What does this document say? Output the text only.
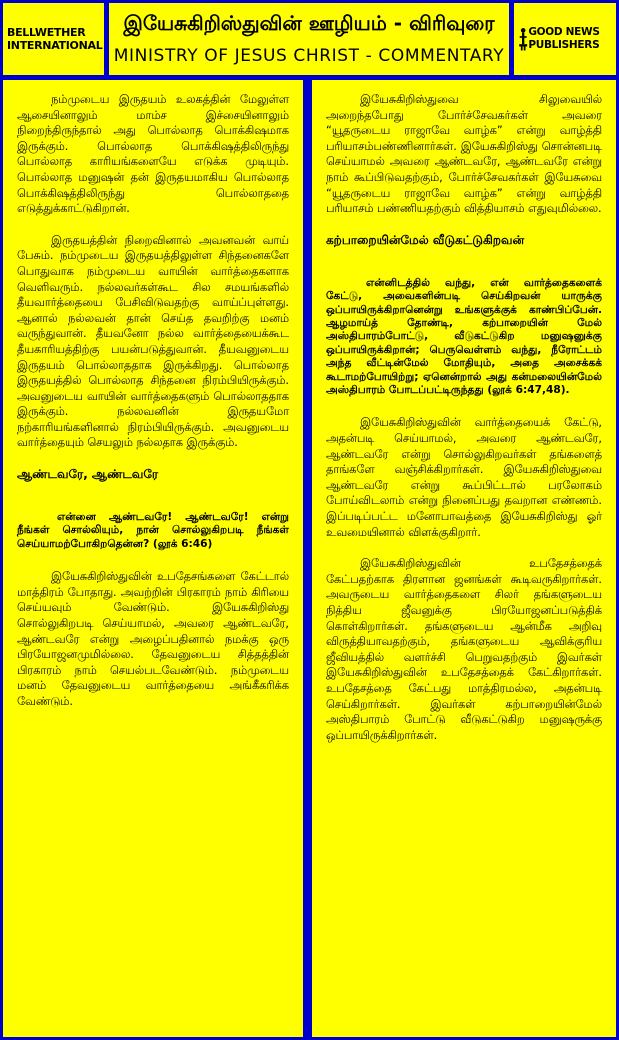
BELLWETHER INTERNATIONAL
இயேசுகிறிஸ்துவின் ஊழியம் - விரிவுரை
MINISTRY OF JESUS CHRIST - COMMENTARY
GOOD NEWS PUBLISHERS

நம்முடைய இருதயம் உலகத்தின் மேலுள்ள ஆசையினாலும் மாம்ச இச்சையினாலும் நிறைந்திருந்தால் அது பொல்லாத பொக்கிஷமாக இருக்கும். பொல்லாத பொக்கிஷத்திலிருந்து பொல்லாத காரியங்களையே எடுக்க முடியும். பொல்லாத மனுஷன் தன் இருதயமாகிய பொல்லாத பொக்கிஷத்திலிருந்து பொல்லாததை எடுத்துக்காட்டுகிறான்.

இருதயத்தின் நிறைவினால் அவனவன் வாய் பேசும். நம்முடைய இருதயத்திலுள்ள சிந்தனைகளே பொதுவாக நம்முடைய வாயின் வார்த்தைகளாக வெளிவரும். நல்லவர்கள்கூட சில சமயங்களில் தீயவார்த்தையை பேசிவிடுவதற்கு வாய்ப்புள்ளது. ஆனால் நல்லவன் தான் செய்த தவறிற்கு மனம் வருந்துவான். தீயவனோ நல்ல வார்த்தையைக்கூட தீயகாரியத்திற்கு பயன்படுத்துவான். தீயவனுடைய இருதயம் பொல்லாததாக இருக்கிறது. பொல்லாத இருதயத்தில் பொல்லாத சிந்தனை நிரம்பியிருக்கும். அவனுடைய வாயின் வார்த்தைகளும் பொல்லாததாக இருக்கும். நல்லவனின் இருதயமோ நற்காரியங்களினால் நிரம்பியிருக்கும். அவனுடைய வார்த்தையும் செயலும் நல்லதாக இருக்கும்.

ஆண்டவரே, ஆண்டவரே

என்னை ஆண்டவரே! ஆண்டவரே! என்று நீங்கள் சொல்லியும், நான் சொல்லுகிறபடி நீங்கள் செய்யாமற்போகிறதென்ன? (லூக் 6:46)

இயேசுகிறிஸ்துவின் உபதேசங்களை கேட்டால் மாத்திரம் போதாது. அவற்றின் பிரகாரம் நாம் கிரியை செய்யவும் வேண்டும். இயேசுகிறிஸ்து சொல்லுகிறபடி செய்யாமல், அவரை ஆண்டவரே, ஆண்டவரே என்று அழைப்பதினால் நமக்கு ஒரு பிரயோஜனமுமில்லை. தேவனுடைய சித்தத்தின் பிரகாரம் நாம் செயல்படவேண்டும். நம்முடைய மனம் தேவனுடைய வார்த்தையை அங்கீகரிக்க வேண்டும்.

இயேசுகிறிஸ்துவை சிலுவையில் அறைந்தபோது போர்ச்சேவகர்கள் அவரை “யூதருடைய ராஜாவே வாழ்க” என்று வாழ்த்தி பரியாசம்பண்ணினார்கள். இயேசுகிறிஸ்து சொன்னபடி செய்யாமல் அவரை ஆண்டவரே, ஆண்டவரே என்று நாம் கூப்பிடுவதற்கும், போர்ச்சேவகர்கள் இயேசுவை “யூதருடைய ராஜாவே வாழ்க” என்று வாழ்த்தி பரியாசம் பண்ணியதற்கும் வித்தியாசம் எதுவுமில்லை.

கற்பாறையின்மேல் வீடுகட்டுகிறவன்

என்னிடத்தில் வந்து, என் வார்த்தைகளைக் கேட்டு, அவைகளின்படி செய்கிறவன் யாருக்கு ஒப்பாயிருக்கிறானென்று உங்களுக்குக் காண்பிப்பேன். ஆழமாய்த் தோண்டி, கற்பாறையின் மேல் அஸ்திபாரம்போட்டு, வீடுகட்டுகிற மனுஷனுக்கு ஒப்பாயிருக்கிறான்; பெருவெள்ளம் வந்து, நீரோட்டம் அந்த வீட்டின்மேல் மோதியும், அதை அசைக்கக் கூடாமற்போயிற்று; ஏனென்றால் அது கன்மலையின்மேல் அஸ்திபாரம் போடப்பட்டிருந்தது (லூக் 6:47,48).

இயேசுகிறிஸ்துவின் வார்த்தையைக் கேட்டு, அதன்படி செய்யாமல், அவரை ஆண்டவரே, ஆண்டவரே என்று சொல்லுகிறவர்கள் தங்களைத் தாங்களே வஞ்சிக்கிறார்கள். இயேசுகிறிஸ்துவை ஆண்டவரே என்று கூப்பிட்டால் பரலோகம் போய்விடலாம் என்று நினைப்பது தவறான எண்ணம். இப்படிப்பட்ட மனோபாவத்தை இயேசுகிறிஸ்து ஓர் உவமையினால் விளக்குகிறார்.

இயேசுகிறிஸ்துவின் உபதேசத்தைக் கேட்பதற்காக திரளான ஜனங்கள் கூடிவருகிறார்கள். அவருடைய வார்த்தைகளை சிலர் தங்களுடைய நித்திய ஜீவனுக்கு பிரயோஜனப்படுத்திக் கொள்கிறார்கள். தங்களுடைய ஆன்மீக அறிவு விருத்தியாவதற்கும், தங்களுடைய ஆவிக்குரிய ஜீவியத்தில் வளர்ச்சி பெறுவதற்கும் இவர்கள் இயேசுகிறிஸ்துவின் உபதேசத்தைக் கேட்கிறார்கள். உபதேசத்தை கேட்பது மாத்திரமல்ல, அதன்படி செய்கிறார்கள். இவர்கள் கற்பாறையின்மேல் அஸ்திபாரம் போட்டு வீடுகட்டுகிற மனுஷருக்கு ஒப்பாயிருக்கிறார்கள்.
